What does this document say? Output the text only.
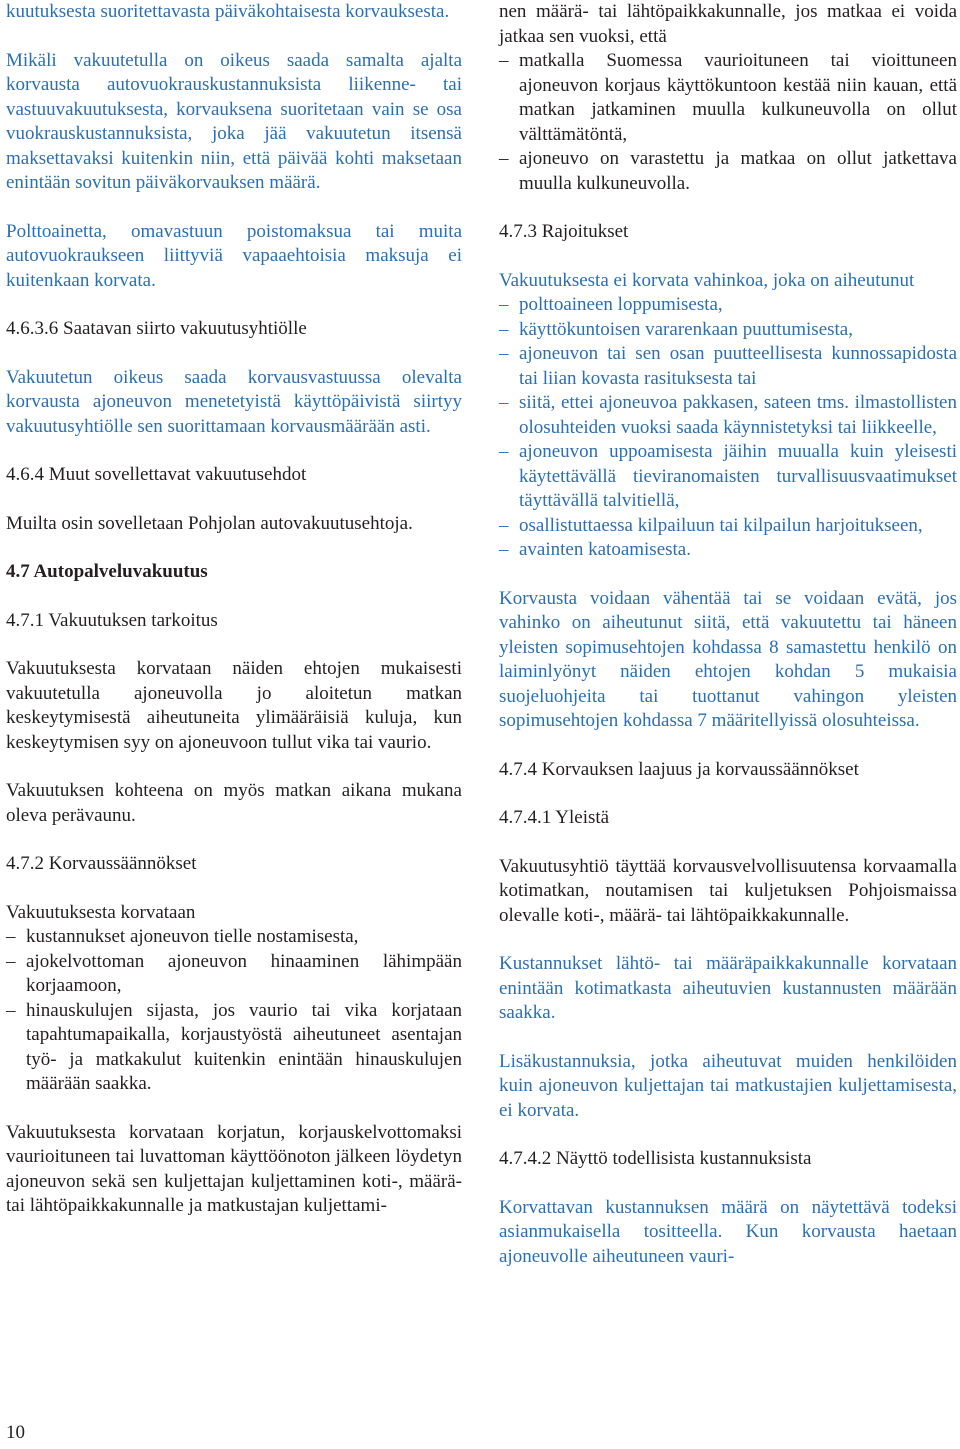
kuutuksesta suoritettavasta päiväkohtaisesta korvauksesta.

Mikäli vakuutetulla on oikeus saada samalta ajalta korvausta autovuokrauskustannuksista liikenne- tai vastuuvakuutuksesta, korvauksena suoritetaan vain se osa vuokrauskustannuksista, joka jää vakuutetun itsensä maksettavaksi kuitenkin niin, että päivää kohti maksetaan enintään sovitun päiväkorvauksen määrä.

Polttoainetta, omavastuun poistomaksua tai muita autovuokraukseen liittyviä vapaaehtoisia maksuja ei kuitenkaan korvata.

4.6.3.6 Saatavan siirto vakuutusyhtiölle

Vakuutetun oikeus saada korvausvastuussa olevalta korvausta ajoneuvon menetetyistä käyttöpäivistä siirtyy vakuutusyhtiölle sen suorittamaan korvausmäärään asti.

4.6.4 Muut sovellettavat vakuutusehdot

Muilta osin sovelletaan Pohjolan autovakuutusehtoja.

4.7 Autopalveluvakuutus
4.7.1 Vakuutuksen tarkoitus

Vakuutuksesta korvataan näiden ehtojen mukaisesti vakuutetulla ajoneuvolla jo aloitetun matkan keskeytymisestä aiheutuneita ylimääräisiä kuluja, kun keskeytymisen syy on ajoneuvoon tullut vika tai vaurio.

Vakuutuksen kohteena on myös matkan aikana mukana oleva perävaunu.

4.7.2 Korvaussäännökset

Vakuutuksesta korvataan

– kustannukset ajoneuvon tielle nostamisesta,
– ajokelvottoman ajoneuvon hinaaminen lähimpään korjaamoon,
– hinauskulujen sijasta, jos vaurio tai vika korjataan tapahtumapaikalla, korjaustyöstä aiheutuneet asentajan työ- ja matkakulut kuitenkin enintään hinauskulujen määrään saakka.

Vakuutuksesta korvataan korjatun, korjauskelvottomaksi vaurioituneen tai luvattoman käyttöönoton jälkeen löydetyn ajoneuvon sekä sen kuljettajan kuljettaminen koti-, määrä- tai lähtöpaikkakunnalle ja matkustajan kuljettami-

nen määrä- tai lähtöpaikkakunnalle, jos matkaa ei voida jatkaa sen vuoksi, että

– matkalla Suomessa vaurioituneen tai vioittuneen ajoneuvon korjaus käyttökuntoon kestää niin kauan, että matkan jatkaminen muulla kulkuneuvolla on ollut välttämätöntä,
– ajoneuvo on varastettu ja matkaa on ollut jatkettava muulla kulkuneuvolla.
4.7.3 Rajoitukset

Vakuutuksesta ei korvata vahinkoa, joka on aiheutunut

– polttoaineen loppumisesta,
– käyttökuntoisen vararenkaan puuttumisesta,
– ajoneuvon tai sen osan puutteellisesta kunnossapidosta tai liian kovasta rasituksesta tai
– siitä, ettei ajoneuvoa pakkasen, sateen tms. ilmastollisten olosuhteiden vuoksi saada käynnistetyksi tai liikkeelle,
– ajoneuvon uppoamisesta jäihin muualla kuin yleisesti käytettävällä tieviranomaisten turvallisuusvaatimukset täyttävällä talvitiellä,
– osallistuttaessa kilpailuun tai kilpailun harjoitukseen,
– avainten katoamisesta.

Korvausta voidaan vähentää tai se voidaan evätä, jos vahinko on aiheutunut siitä, että vakuutettu tai häneen yleisten sopimusehtojen kohdassa 8 samastettu henkilö on laiminlyönyt näiden ehtojen kohdan 5 mukaisia suojeluohjeita tai tuottanut vahingon yleisten sopimusehtojen kohdassa 7 määritellyissä olosuhteissa.

4.7.4 Korvauksen laajuus ja korvaussäännökset
4.7.4.1 Yleistä

Vakuutusyhtiö täyttää korvausvelvollisuutensa korvaamalla kotimatkan, noutamisen tai kuljetuksen Pohjoismaissa olevalle koti-, määrä- tai lähtöpaikkakunnalle.

Kustannukset lähtö- tai määräpaikkakunnalle korvataan enintään kotimatkasta aiheutuvien kustannusten määrään saakka.

Lisäkustannuksia, jotka aiheutuvat muiden henkilöiden kuin ajoneuvon kuljettajan tai matkustajien kuljettamisesta, ei korvata.

4.7.4.2 Näyttö todellisista kustannuksista

Korvattavan kustannuksen määrä on näytettävä todeksi asianmukaisella tositteella. Kun korvausta haetaan ajoneuvolle aiheutuneen vauri-

10
